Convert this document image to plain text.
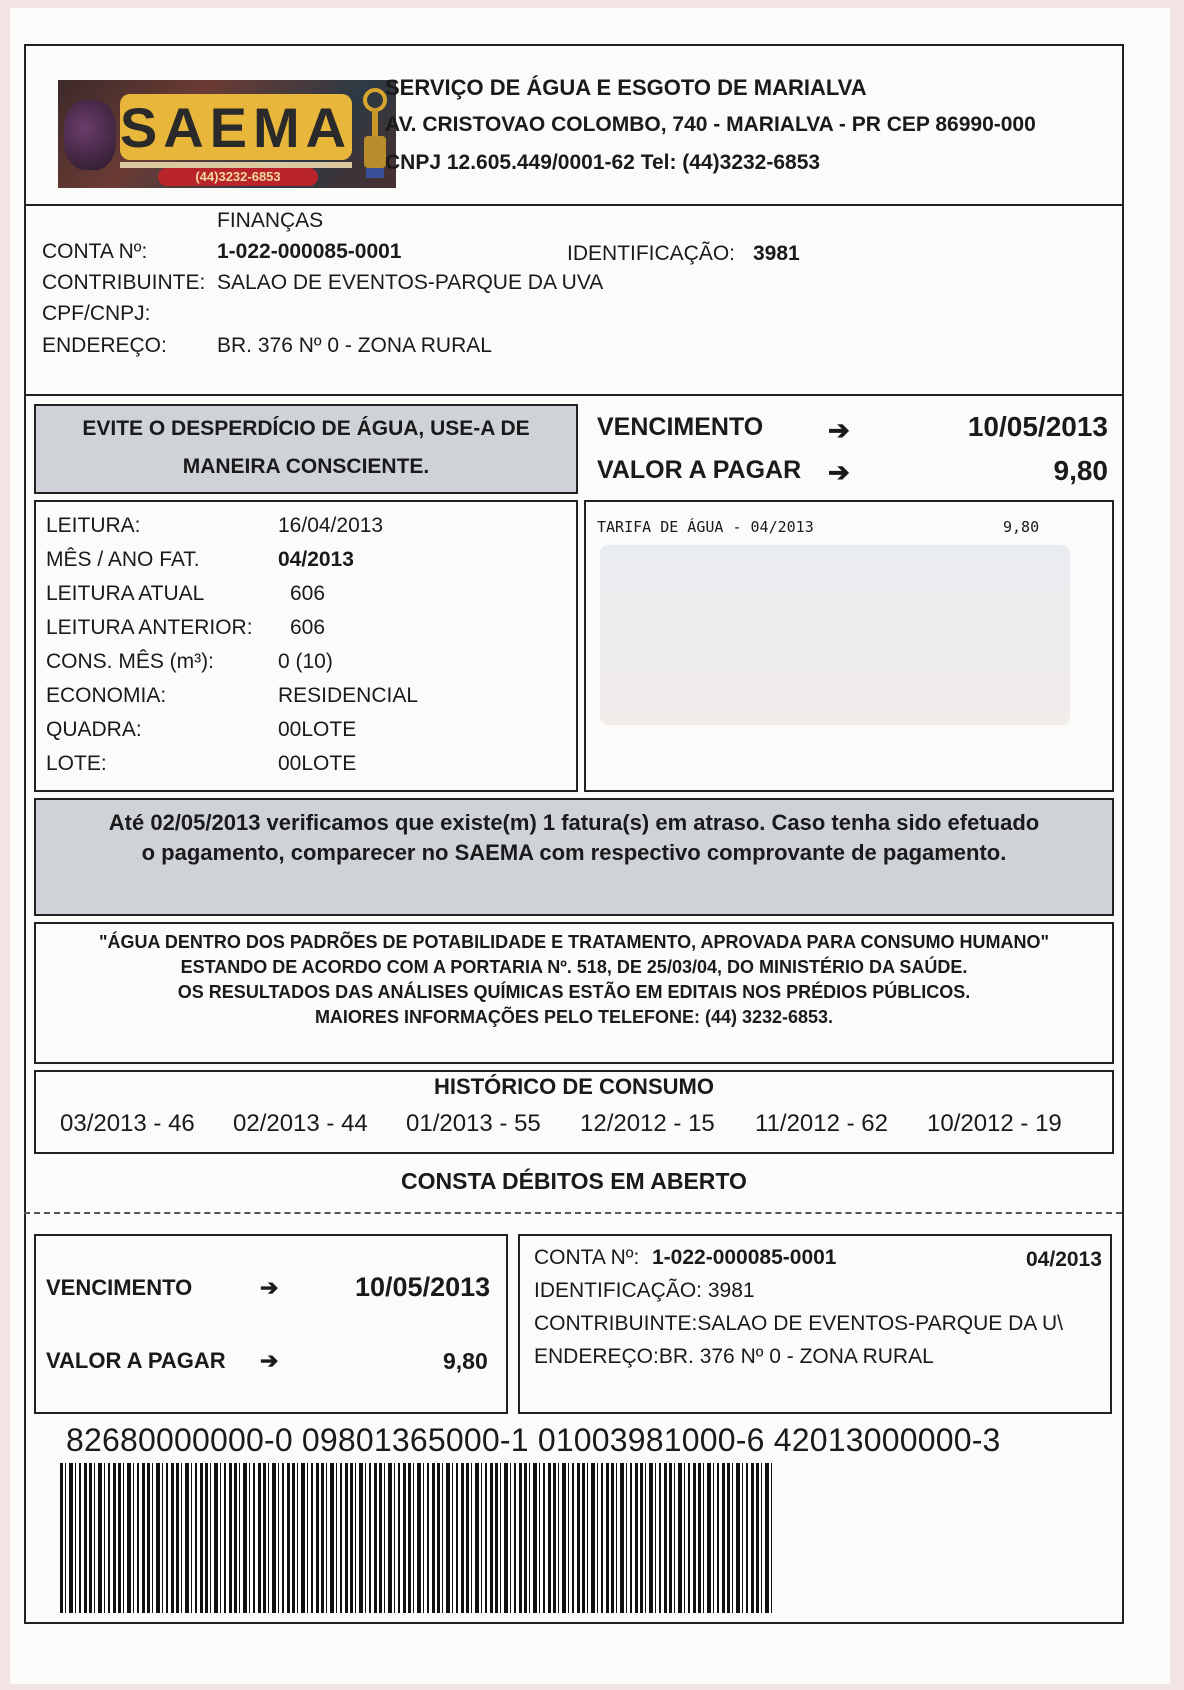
SAEMA
(44)3232-6853
SERVIÇO DE ÁGUA E ESGOTO DE MARIALVA
AV. CRISTOVAO COLOMBO, 740 - MARIALVA - PR CEP 86990-000
CNPJ 12.605.449/0001-62 Tel: (44)3232-6853
FINANÇAS
CONTA Nº:	1-022-000085-0001	IDENTIFICAÇÃO: 3981
CONTRIBUINTE: SALAO DE EVENTOS-PARQUE DA UVA
CPF/CNPJ:
ENDEREÇO: BR. 376 Nº 0 - ZONA RURAL
EVITE O DESPERDÍCIO DE ÁGUA, USE-A DE
MANEIRA CONSCIENTE.
VENCIMENTO ➔	10/05/2013
VALOR A PAGAR ➔	9,80
LEITURA:	16/04/2013
MÊS / ANO FAT.	04/2013
LEITURA ATUAL	606
LEITURA ANTERIOR: 606
CONS. MÊS (m³):	0 (10)
ECONOMIA:	RESIDENCIAL
QUADRA:	00LOTE
LOTE:	00LOTE
TARIFA DE ÁGUA - 04/2013	9,80
Até 02/05/2013 verificamos que existe(m) 1 fatura(s) em atraso. Caso tenha sido efetuado
o pagamento, comparecer no SAEMA com respectivo comprovante de pagamento.
"ÁGUA DENTRO DOS PADRÕES DE POTABILIDADE E TRATAMENTO, APROVADA PARA CONSUMO HUMANO"
ESTANDO DE ACORDO COM A PORTARIA Nº. 518, DE 25/03/04, DO MINISTÉRIO DA SAÚDE.
OS RESULTADOS DAS ANÁLISES QUÍMICAS ESTÃO EM EDITAIS NOS PRÉDIOS PÚBLICOS.
MAIORES INFORMAÇÕES PELO TELEFONE: (44) 3232-6853.
HISTÓRICO DE CONSUMO
03/2013 - 46 02/2013 - 44 01/2013 - 55 12/2012 - 15 11/2012 - 62 10/2012 - 19
CONSTA DÉBITOS EM ABERTO
VENCIMENTO	➔	10/05/2013
VALOR A PAGAR ➔	9,80
CONTA Nº: 1-022-000085-0001	04/2013
IDENTIFICAÇÃO: 3981
CONTRIBUINTE:SALAO DE EVENTOS-PARQUE DA U\
ENDEREÇO:BR. 376 Nº 0 - ZONA RURAL
82680000000-0 09801365000-1 01003981000-6 42013000000-3
